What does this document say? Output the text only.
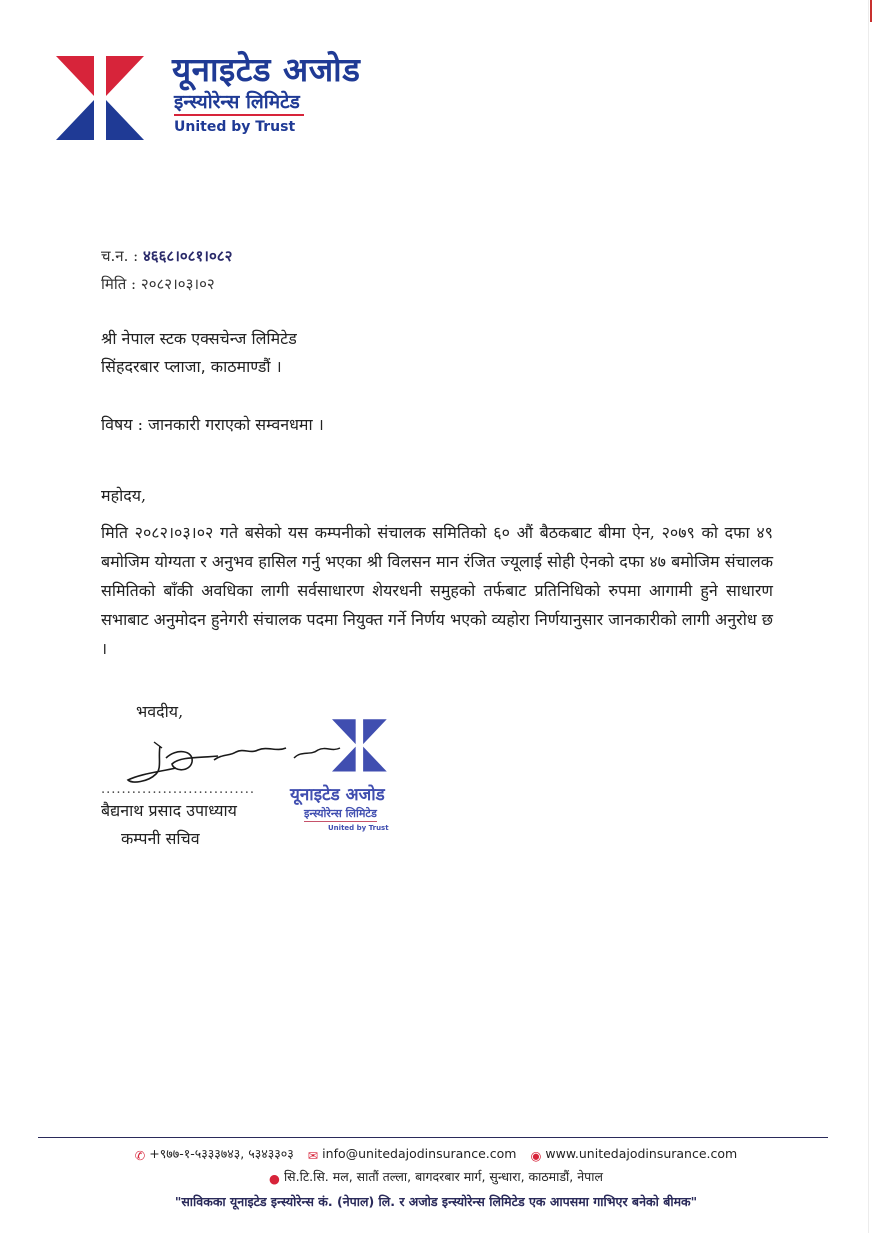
यूनाइटेड अजोड
इन्स्योरेन्स लिमिटेड
United by Trust
च.न. : ४६६८।०८१।०८२
मिति : २०८२।०३।०२
श्री नेपाल स्टक एक्सचेन्ज लिमिटेड
सिंहदरबार प्लाजा, काठमाण्डौं ।
विषय : जानकारी गराएको सम्वनधमा ।
महोदय,
मिति २०८२।०३।०२ गते बसेको यस कम्पनीको संचालक समितिको ६० औं बैठकबाट बीमा ऐन, २०७९ को दफा ४९ बमोजिम योग्यता र अनुभव हासिल गर्नु भएका श्री विलसन मान रंजित ज्यूलाई सोही ऐनको दफा ४७ बमोजिम संचालक समितिको बाँकी अवधिका लागी सर्वसाधारण शेयरधनी समुहको तर्फबाट प्रतिनिधिको रुपमा आगामी हुने साधारण सभाबाट अनुमोदन हुनेगरी संचालक पदमा नियुक्त गर्ने निर्णय भएको व्यहोरा निर्णयानुसार जानकारीको लागी अनुरोध छ ।
भवदीय,
..............................
बैद्यनाथ प्रसाद उपाध्याय
कम्पनी सचिव
यूनाइटेड अजोड
इन्स्योरेन्स लिमिटेड
United by Trust
✆ +९७७-१-५३३३७४३, ५३४३३०३ ✉ info@unitedajodinsurance.com ◉ www.unitedajodinsurance.com
● सि.टि.सि. मल, सातौं तल्ला, बागदरबार मार्ग, सुन्धारा, काठमाडौं, नेपाल
"साविकका यूनाइटेड इन्स्योरेन्स कं. (नेपाल) लि. र अजोड इन्स्योरेन्स लिमिटेड एक आपसमा गाभिएर बनेको बीमक"
